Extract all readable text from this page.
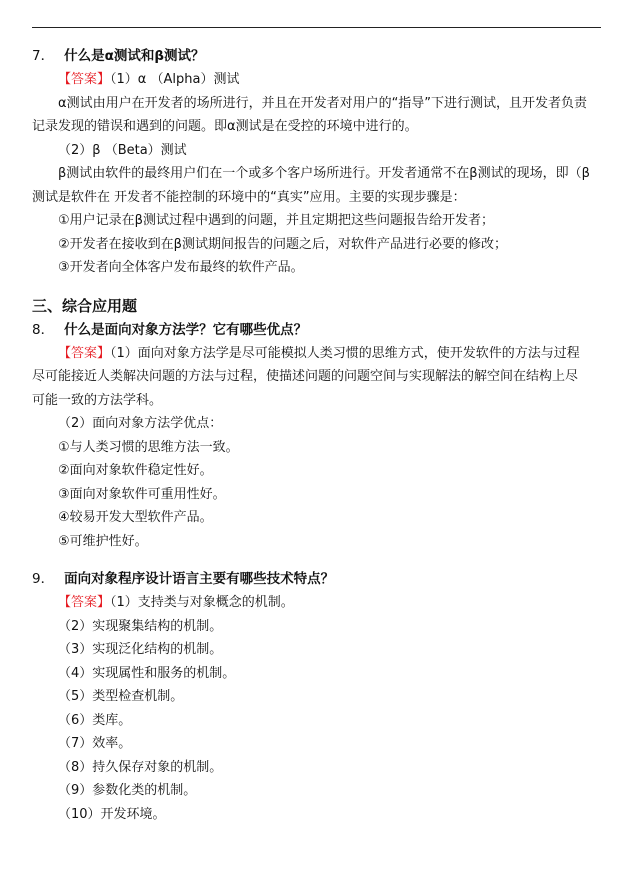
7． 什么是α测试和β测试？

【答案】（1）α （Alpha）测试

α测试由用户在开发者的场所进行，并且在开发者对用户的“指导”下进行测试，且开发者负责

记录发现的错误和遇到的问题。即α测试是在受控的环境中进行的。

（2）β （Beta）测试

β测试由软件的最终用户们在一个或多个客户场所进行。开发者通常不在β测试的现场，即（β

测试是软件在 开发者不能控制的环境中的“真实”应用。主要的实现步骤是：

①用户记录在β测试过程中遇到的问题，并且定期把这些问题报告给开发者；

②开发者在接收到在β测试期间报告的问题之后，对软件产品进行必要的修改；

③开发者向全体客户发布最终的软件产品。

三、综合应用题

8． 什么是面向对象方法学？它有哪些优点？

【答案】（1）面向对象方法学是尽可能模拟人类习惯的思维方式，使开发软件的方法与过程

尽可能接近人类解决问题的方法与过程，使描述问题的问题空间与实现解法的解空间在结构上尽

可能一致的方法学科。

（2）面向对象方法学优点：

①与人类习惯的思维方法一致。

②面向对象软件稳定性好。

③面向对象软件可重用性好。

④较易开发大型软件产品。

⑤可维护性好。

9． 面向对象程序设计语言主要有哪些技术特点？

【答案】（1）支持类与对象概念的机制。

（2）实现聚集结构的机制。

（3）实现泛化结构的机制。

（4）实现属性和服务的机制。

（5）类型检查机制。

（6）类库。

（7）效率。

（8）持久保存对象的机制。

（9）参数化类的机制。

（10）开发环境。
